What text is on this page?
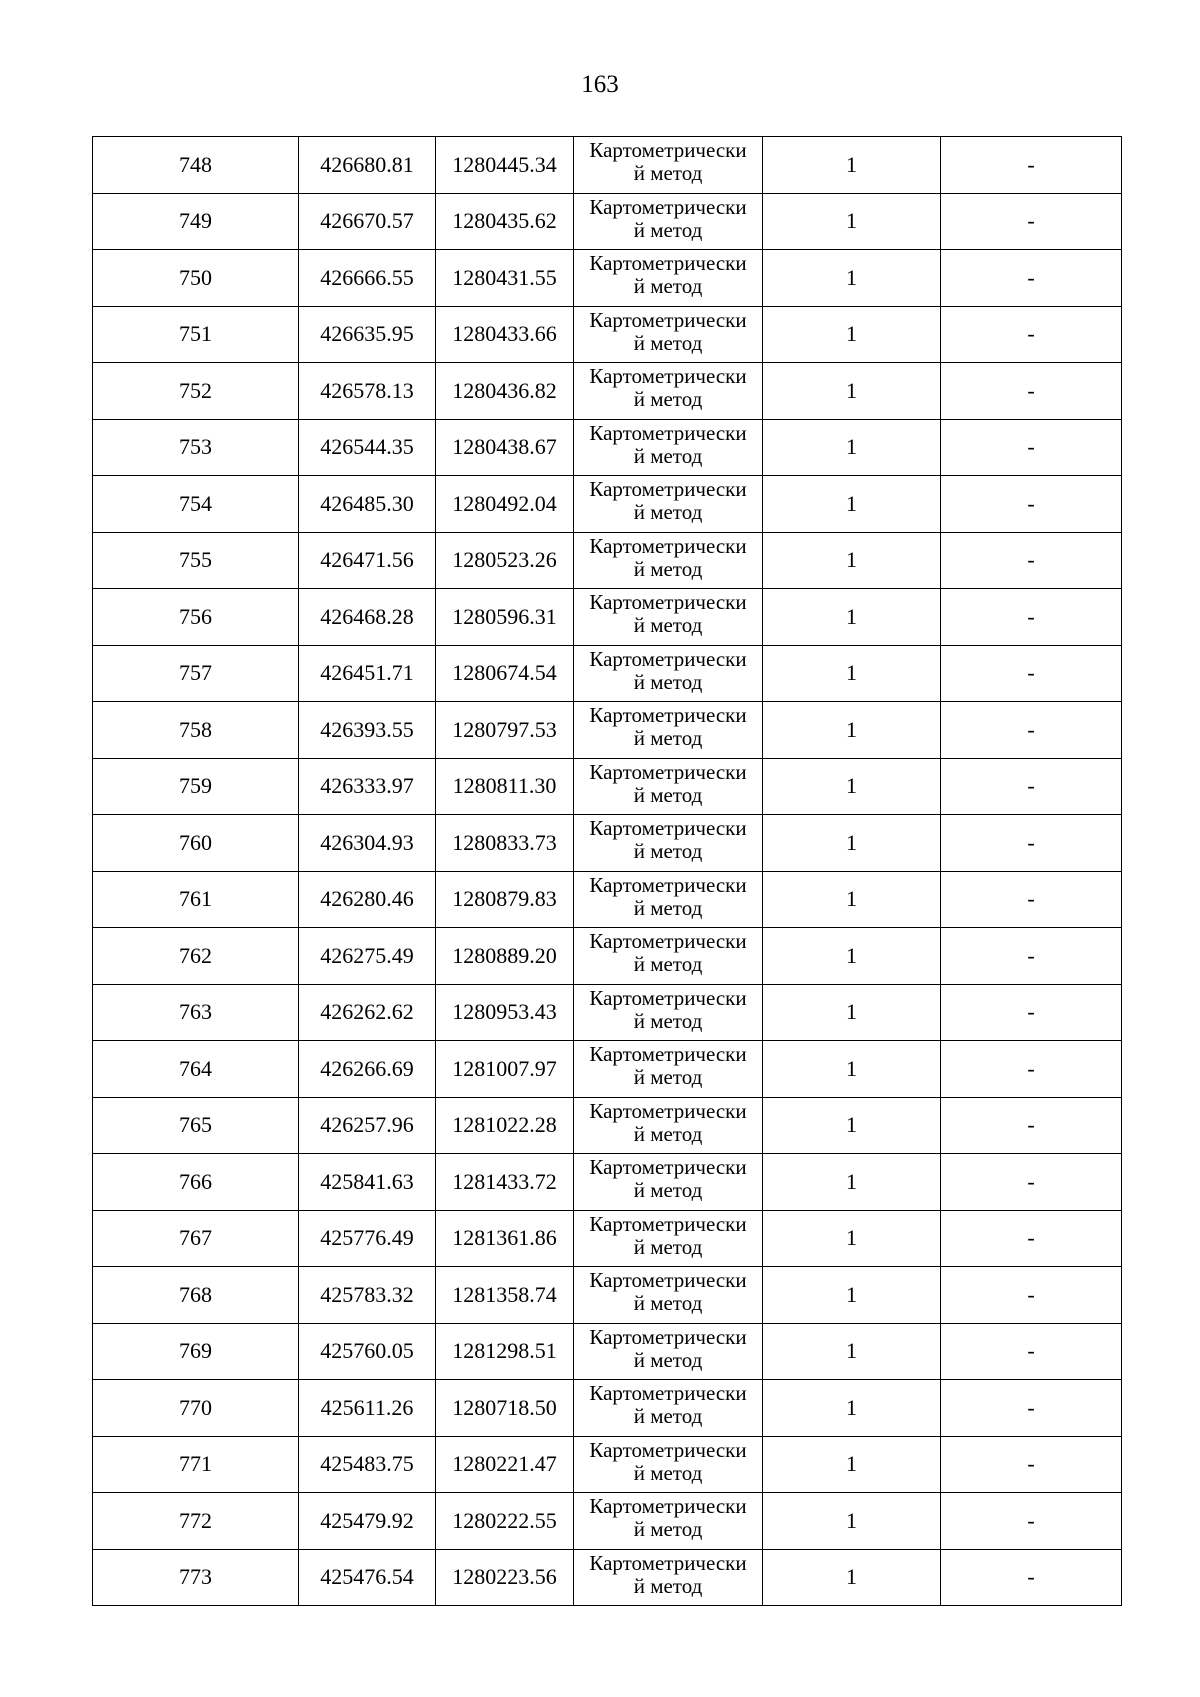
163
748	426680.81	1280445.34	Картометрически
й метод	1	-
749	426670.57	1280435.62	Картометрически
й метод	1	-
750	426666.55	1280431.55	Картометрически
й метод	1	-
751	426635.95	1280433.66	Картометрически
й метод	1	-
752	426578.13	1280436.82	Картометрически
й метод	1	-
753	426544.35	1280438.67	Картометрически
й метод	1	-
754	426485.30	1280492.04	Картометрически
й метод	1	-
755	426471.56	1280523.26	Картометрически
й метод	1	-
756	426468.28	1280596.31	Картометрически
й метод	1	-
757	426451.71	1280674.54	Картометрически
й метод	1	-
758	426393.55	1280797.53	Картометрически
й метод	1	-
759	426333.97	1280811.30	Картометрически
й метод	1	-
760	426304.93	1280833.73	Картометрически
й метод	1	-
761	426280.46	1280879.83	Картометрически
й метод	1	-
762	426275.49	1280889.20	Картометрически
й метод	1	-
763	426262.62	1280953.43	Картометрически
й метод	1	-
764	426266.69	1281007.97	Картометрически
й метод	1	-
765	426257.96	1281022.28	Картометрически
й метод	1	-
766	425841.63	1281433.72	Картометрически
й метод	1	-
767	425776.49	1281361.86	Картометрически
й метод	1	-
768	425783.32	1281358.74	Картометрически
й метод	1	-
769	425760.05	1281298.51	Картометрически
й метод	1	-
770	425611.26	1280718.50	Картометрически
й метод	1	-
771	425483.75	1280221.47	Картометрически
й метод	1	-
772	425479.92	1280222.55	Картометрически
й метод	1	-
773	425476.54	1280223.56	Картометрически
й метод	1	-
